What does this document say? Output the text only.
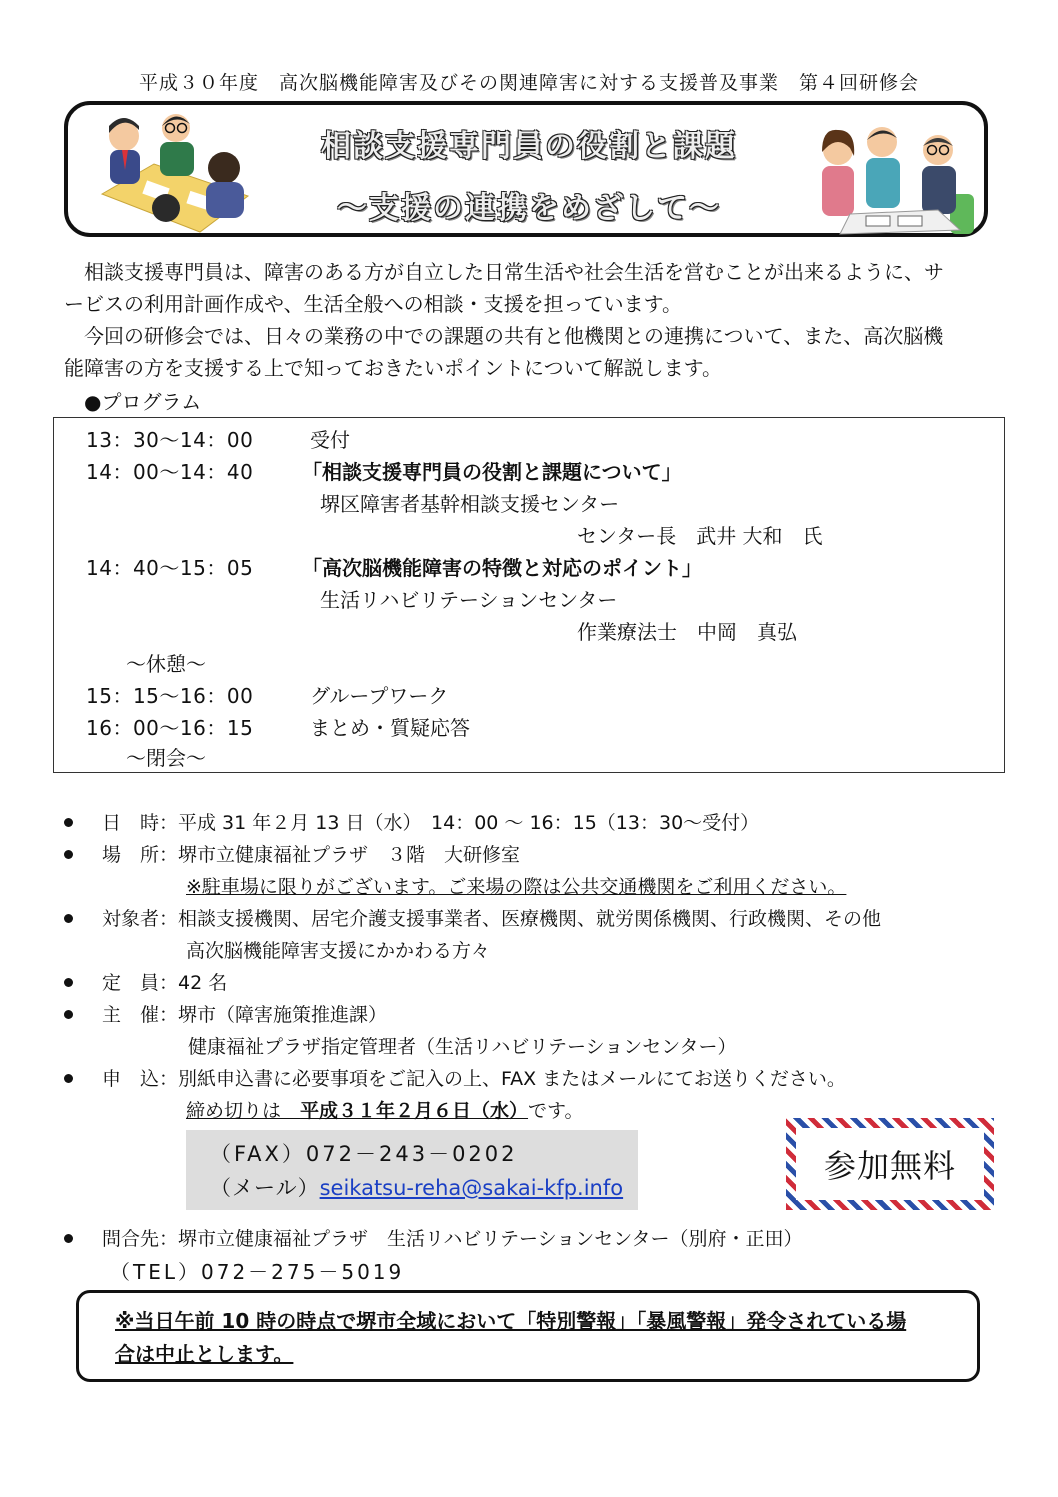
平成３０年度　高次脳機能障害及びその関連障害に対する支援普及事業　第４回研修会
相談支援専門員の役割と課題
～支援の連携をめざして～

　相談支援専門員は、障害のある方が自立した日常生活や社会生活を営むことが出来るように、サ

ービスの利用計画作成や、生活全般への相談・支援を担っています。

　今回の研修会では、日々の業務の中での課題の共有と他機関との連携について、また、高次脳機

能障害の方を支援する上で知っておきたいポイントについて解説します。

●プログラム
13：30～14：00	受付
14：00～14：40 「相談支援専門員の役割と課題について」
堺区障害者基幹相談支援センター
センター長　武井 大和　氏
14：40～15：05 「高次脳機能障害の特徴と対応のポイント」
生活リハビリテーションセンター
作業療法士　中岡　真弘
～休憩～
15：15～16：00	グループワーク
16：00～16：15	まとめ・質疑応答
～閉会～
日　時：平成 31 年２月 13 日（水）　14：00 ～ 16：15（13：30～受付）
場　所：堺市立健康福祉プラザ　３階　大研修室
※駐車場に限りがございます。ご来場の際は公共交通機関をご利用ください。
対象者：相談支援機関、居宅介護支援事業者、医療機関、就労関係機関、行政機関、その他
高次脳機能障害支援にかかわる方々
定　員：42 名
主　催：堺市（障害施策推進課）
健康福祉プラザ指定管理者（生活リハビリテーションセンター）
申　込：別紙申込書に必要事項をご記入の上、FAX またはメールにてお送りください。
締め切りは　平成３１年２月６日（水）です。
（FAX）072－243－0202
（メール）seikatsu-reha@sakai-kfp.info
参加無料
問合先：堺市立健康福祉プラザ　生活リハビリテーションセンター（別府・正田）
（TEL）072－275－5019
※当日午前 10 時の時点で堺市全域において「特別警報」「暴風警報」発令されている場
合は中止とします。
